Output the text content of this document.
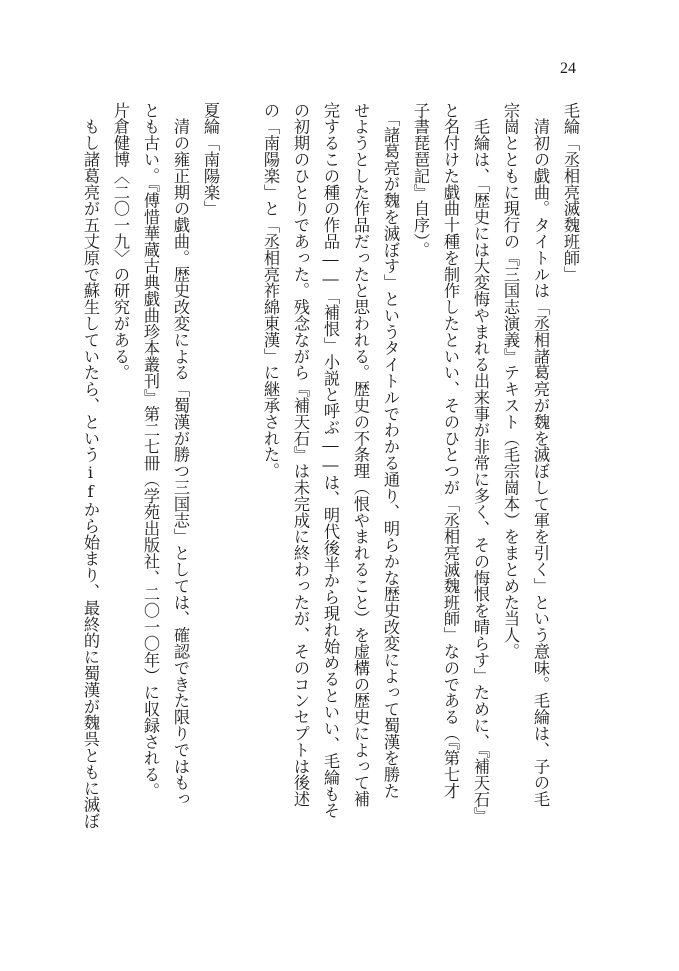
24
毛綸「丞相亮滅魏班師」
　清初の戯曲。タイトルは「丞相諸葛亮が魏を滅ぼして軍を引く」という意味。毛綸は、子の毛
宗崗とともに現行の『三国志演義』テキスト（毛宗崗本）をまとめた当人。
　毛綸は、「歴史には大変悔やまれる出来事が非常に多く、その悔恨を晴らす」ために、『補天石』
と名付けた戯曲十種を制作したといい、そのひとつが「丞相亮滅魏班師」なのである（『第七才
子書琵琶記』自序）。
　「諸葛亮が魏を滅ぼす」というタイトルでわかる通り、明らかな歴史改変によって蜀漢を勝た
せようとした作品だったと思われる。歴史の不条理（恨やまれること）を虚構の歴史によって補
完するこの種の作品――「補恨」小説と呼ぶ――は、明代後半から現れ始めるといい、毛綸もそ
の初期のひとりであった。残念ながら『補天石』は未完成に終わったが、そのコンセプトは後述
の「南陽楽」と「丞相亮祚綿東漢」に継承された。
夏綸「南陽楽」
　清の雍正期の戯曲。歴史改変による「蜀漢が勝つ三国志」としては、確認できた限りではもっ
とも古い。『傅惜華蔵古典戯曲珍本叢刊』第二七冊（学苑出版社、二〇一〇年）に収録される。
片倉健博〈二〇一九〉の研究がある。
　もし諸葛亮が五丈原で蘇生していたら、というifから始まり、最終的に蜀漢が魏呉ともに滅ぼ
